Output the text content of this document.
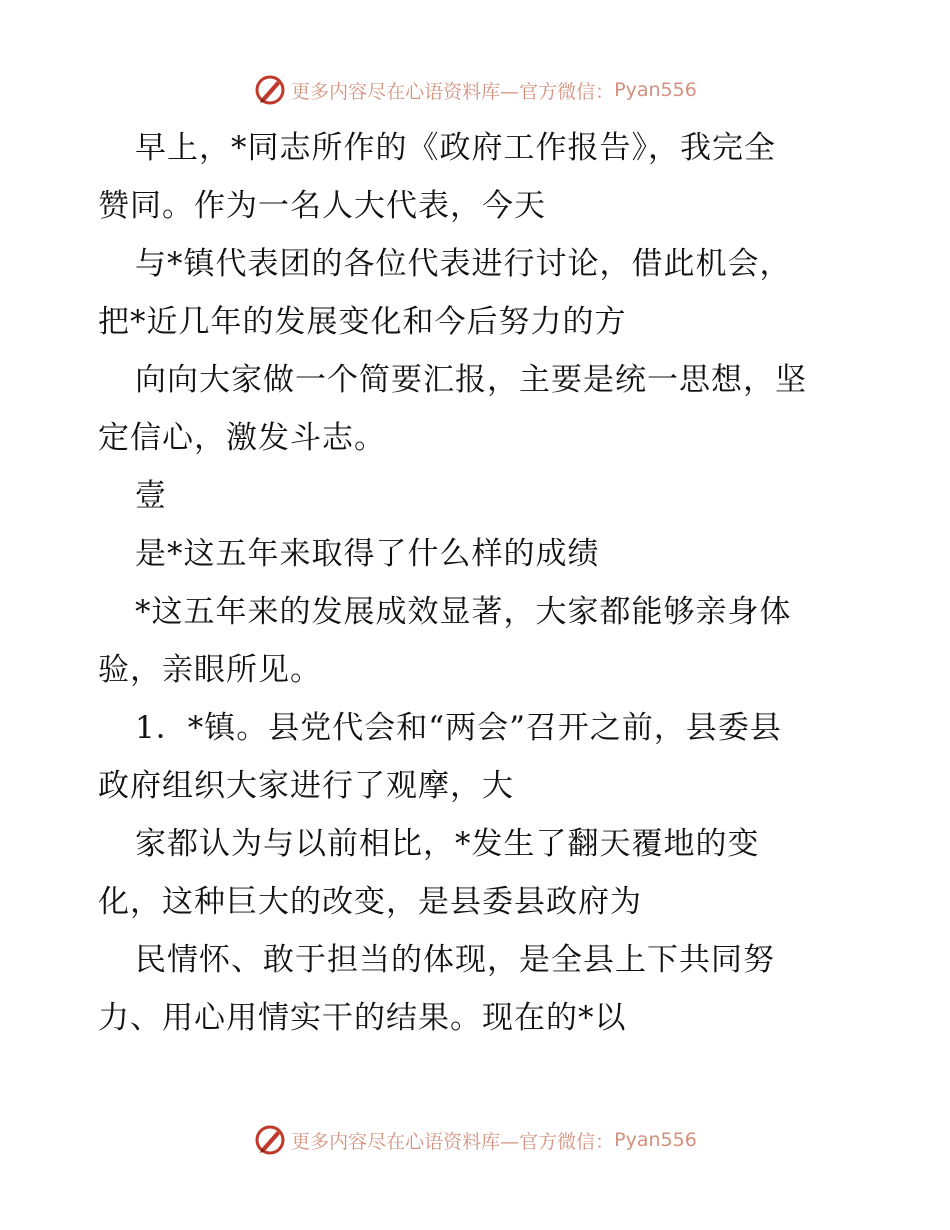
更多内容尽在心语资料库—官方微信： Pyan556
早上，*同志所作的《政府工作报告》，我完全
赞同。作为一名人大代表，今天
与*镇代表团的各位代表进行讨论，借此机会，
把*近几年的发展变化和今后努力的方
向向大家做一个简要汇报，主要是统一思想，坚
定信心，激发斗志。
壹
是*这五年来取得了什么样的成绩
*这五年来的发展成效显著，大家都能够亲身体
验，亲眼所见。
1．*镇。县党代会和“两会”召开之前，县委县
政府组织大家进行了观摩，大
家都认为与以前相比，*发生了翻天覆地的变
化，这种巨大的改变，是县委县政府为
民情怀、敢于担当的体现，是全县上下共同努
力、用心用情实干的结果。现在的*以
更多内容尽在心语资料库—官方微信： Pyan556
